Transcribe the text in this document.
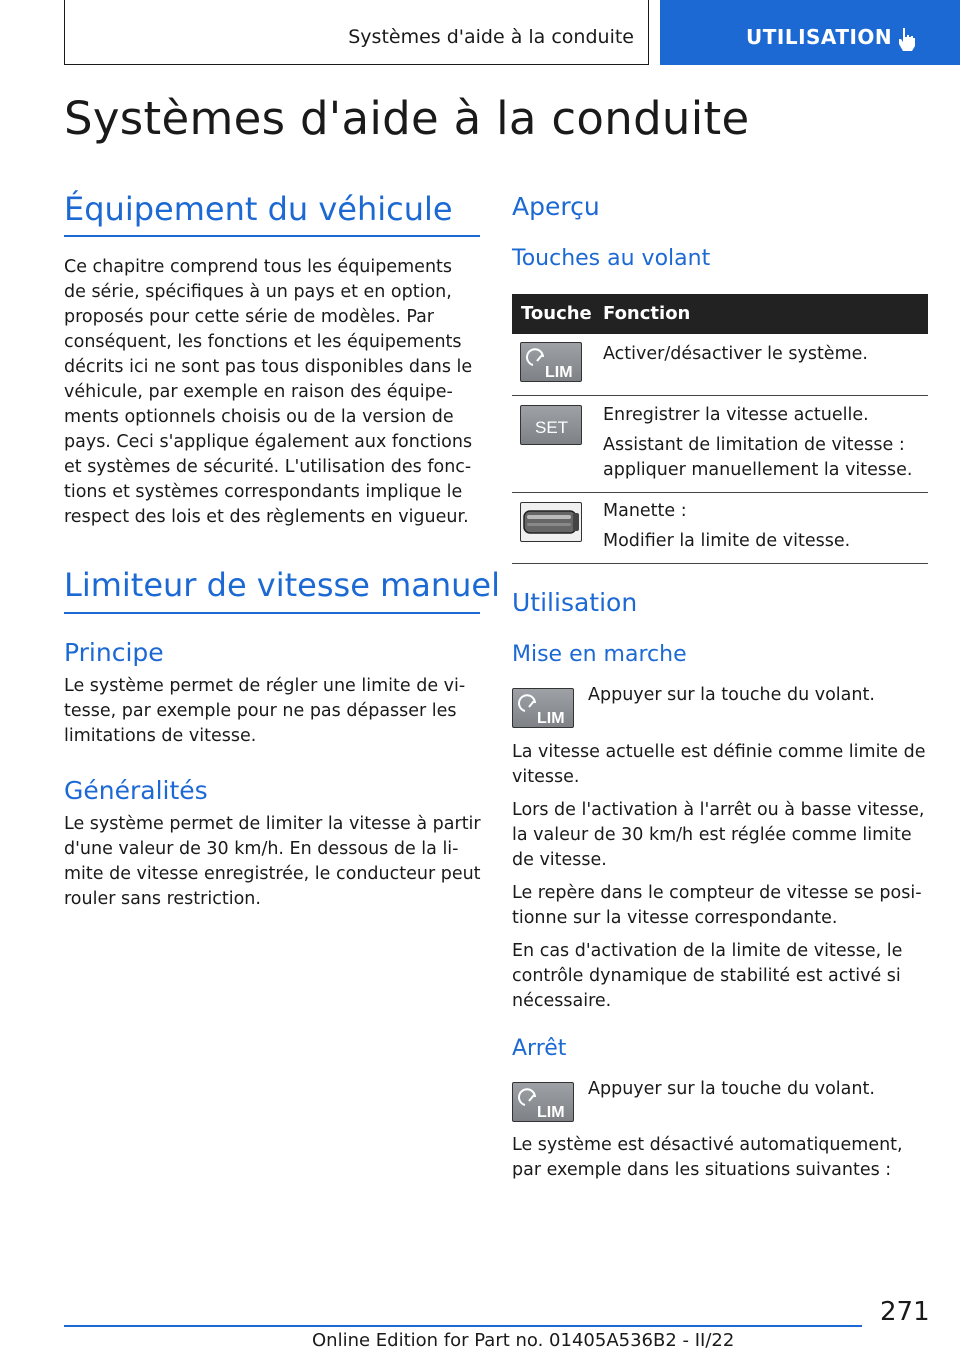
Systèmes d'aide à la conduite	UTILISATION
Systèmes d'aide à la conduite
Équipement du véhicule
Ce chapitre comprend tous les équipements
de série, spécifiques à un pays et en option,
proposés pour cette série de modèles. Par
conséquent, les fonctions et les équipements
décrits ici ne sont pas tous disponibles dans le
véhicule, par exemple en raison des équipe‐
ments optionnels choisis ou de la version de
pays. Ceci s'applique également aux fonctions
et systèmes de sécurité. L'utilisation des fonc‐
tions et systèmes correspondants implique le
respect des lois et des règlements en vigueur.
Limiteur de vitesse manuel
Principe
Le système permet de régler une limite de vi‐
tesse, par exemple pour ne pas dépasser les
limitations de vitesse.
Généralités
Le système permet de limiter la vitesse à partir
d'une valeur de 30 km/h. En dessous de la li‐
mite de vitesse enregistrée, le conducteur peut
rouler sans restriction.
Aperçu
Touches au volant
Touche Fonction
LIM
Activer/désactiver le système.
SET
Enregistrer la vitesse actuelle.
Assistant de limitation de vitesse :
appliquer manuellement la vitesse.
Manette :
Modifier la limite de vitesse.
Utilisation
Mise en marche
LIM
Appuyer sur la touche du volant.
La vitesse actuelle est définie comme limite de
vitesse.
Lors de l'activation à l'arrêt ou à basse vitesse,
la valeur de 30 km/h est réglée comme limite
de vitesse.
Le repère dans le compteur de vitesse se posi‐
tionne sur la vitesse correspondante.
En cas d'activation de la limite de vitesse, le
contrôle dynamique de stabilité est activé si
nécessaire.
Arrêt
LIM
Appuyer sur la touche du volant.
Le système est désactivé automatiquement,
par exemple dans les situations suivantes :
271
Online Edition for Part no. 01405A536B2 - II/22
